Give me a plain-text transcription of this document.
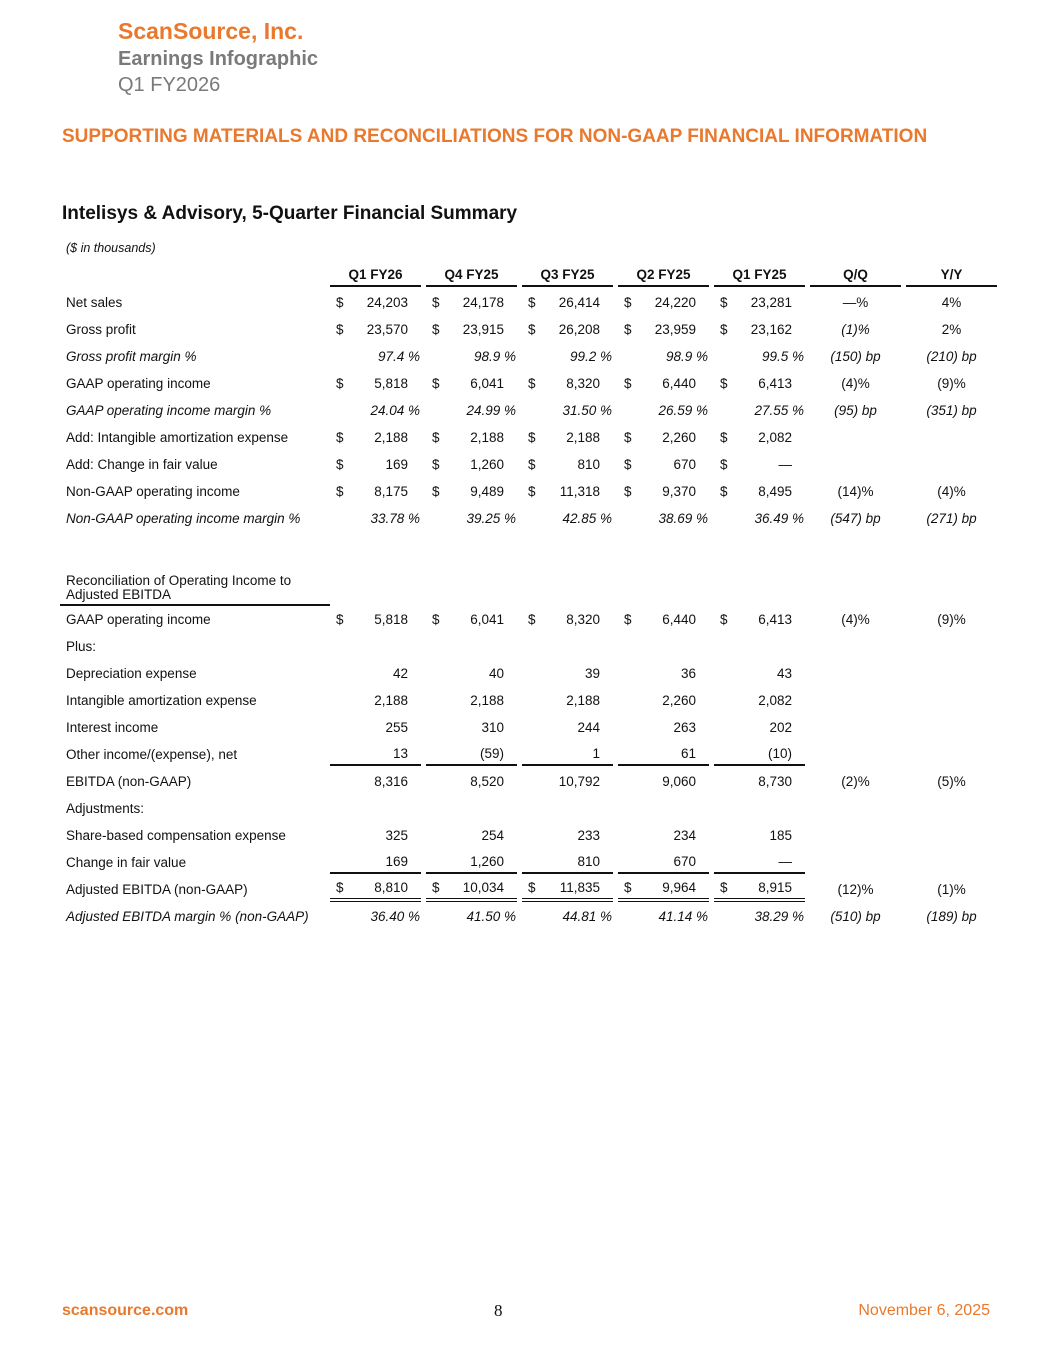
ScanSource, Inc.
Earnings Infographic
Q1 FY2026
SUPPORTING MATERIALS AND RECONCILIATIONS FOR NON-GAAP FINANCIAL INFORMATION
Intelisys & Advisory, 5-Quarter Financial Summary
($ in thousands)

	Q1 FY26	Q4 FY25	Q3 FY25	Q2 FY25	Q1 FY25	Q/Q	Y/Y

Net sales	$ 24,203	$ 24,178	$ 26,414	$ 24,220	$ 23,281	—%	4%

Gross profit	$ 23,570	$ 23,915	$ 26,208	$ 23,959	$ 23,162	(1)%	2%

Gross profit margin %	97.4 %	98.9 %	99.2 %	98.9 %	99.5 %	(150) bp	(210) bp

GAAP operating income	$ 5,818	$ 6,041	$ 8,320	$ 6,440	$ 6,413	(4)%	(9)%

GAAP operating income margin %	24.04 %	24.99 %	31.50 %	26.59 %	27.55 %	(95) bp	(351) bp

Add: Intangible amortization expense	$ 2,188	$ 2,188	$ 2,188	$ 2,260	$ 2,082		

Add: Change in fair value	$ 169	$ 1,260	$ 810	$ 670	$ —		

Non-GAAP operating income	$ 8,175	$ 9,489	$ 11,318	$ 9,370	$ 8,495	(14)%	(4)%

Non-GAAP operating income margin %	33.78 %	39.25 %	42.85 %	38.69 %	36.49 %	(547) bp	(271) bp

Reconciliation of Operating Income to Adjusted EBITDA							

GAAP operating income	$ 5,818	$ 6,041	$ 8,320	$ 6,440	$ 6,413	(4)%	(9)%

Plus:							

Depreciation expense	42	40	39	36	43		

Intangible amortization expense	2,188	2,188	2,188	2,260	2,082		

Interest income	255	310	244	263	202		

Other income/(expense), net	13	(59)	1	61	(10)		

EBITDA (non-GAAP)	8,316	8,520	10,792	9,060	8,730	(2)%	(5)%

Adjustments:							

Share-based compensation expense	325	254	233	234	185		

Change in fair value	169	1,260	810	670	—		

Adjusted EBITDA (non-GAAP)	$ 8,810	$ 10,034	$ 11,835	$ 9,964	$ 8,915	(12)%	(1)%

Adjusted EBITDA margin % (non-GAAP)	36.40 %	41.50 %	44.81 %	41.14 %	38.29 %	(510) bp	(189) bp
scansource.com	8	November 6, 2025
